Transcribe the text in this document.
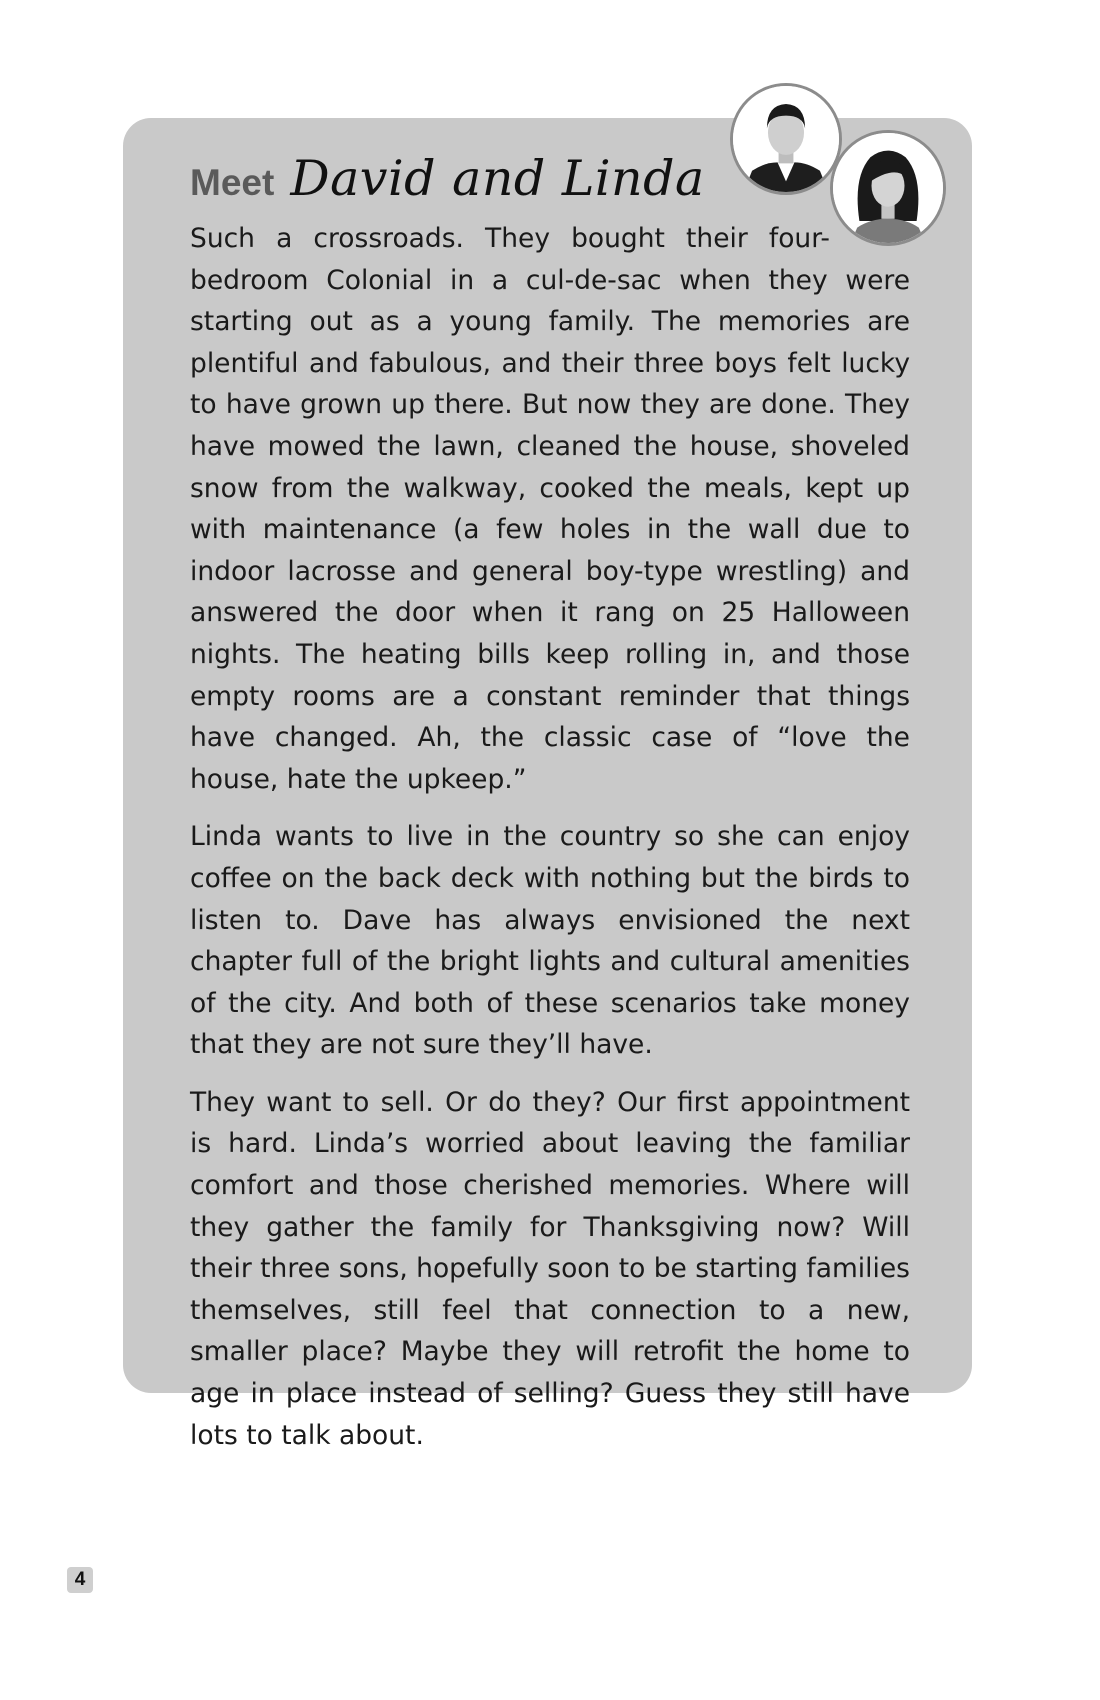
Meet David and Linda

Such a crossroads. They bought their four-
bedroom Colonial in a cul-de-sac when they were starting out as a young family. The memories are plentiful and fabulous, and their three boys felt lucky to have grown up there. But now they are done. They have mowed the lawn, cleaned the house, shoveled snow from the walkway, cooked the meals, kept up with maintenance (a few holes in the wall due to indoor lacrosse and general boy-type wrestling) and answered the door when it rang on 25 Halloween nights. The heating bills keep rolling in, and those empty rooms are a constant reminder that things have changed. Ah, the classic case of “love the house, hate the upkeep.”

Linda wants to live in the country so she can enjoy coffee on the back deck with nothing but the birds to listen to. Dave has always envisioned the next chapter full of the bright lights and cultural amenities of the city. And both of these scenarios take money that they are not sure they’ll have.

They want to sell. Or do they? Our first appointment is hard. Linda’s worried about leaving the familiar comfort and those cherished memories. Where will they gather the family for Thanksgiving now? Will their three sons, hopefully soon to be starting families themselves, still feel that connection to a new, smaller place? Maybe they will retrofit the home to age in place instead of selling? Guess they still have lots to talk about.

4
